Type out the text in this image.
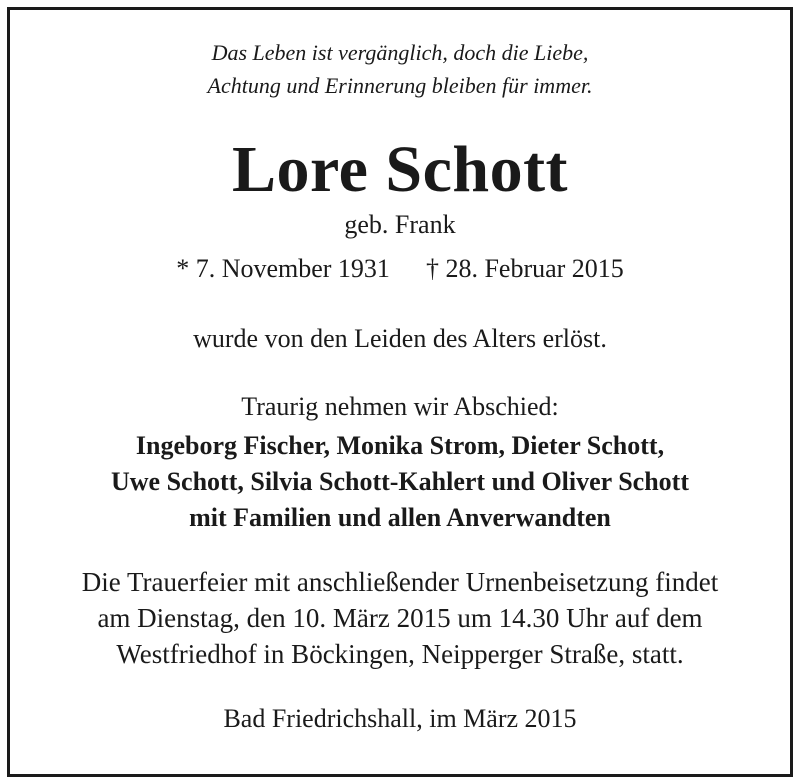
Das Leben ist vergänglich, doch die Liebe,

Achtung und Erinnerung bleiben für immer.

Lore Schott

geb. Frank

* 7. November 1931 † 28. Februar 2015

wurde von den Leiden des Alters erlöst.

Traurig nehmen wir Abschied:

Ingeborg Fischer, Monika Strom, Dieter Schott,

Uwe Schott, Silvia Schott-Kahlert und Oliver Schott

mit Familien und allen Anverwandten

Die Trauerfeier mit anschließender Urnenbeisetzung findet

am Dienstag, den 10. März 2015 um 14.30 Uhr auf dem

Westfriedhof in Böckingen, Neipperger Straße, statt.

Bad Friedrichshall, im März 2015
